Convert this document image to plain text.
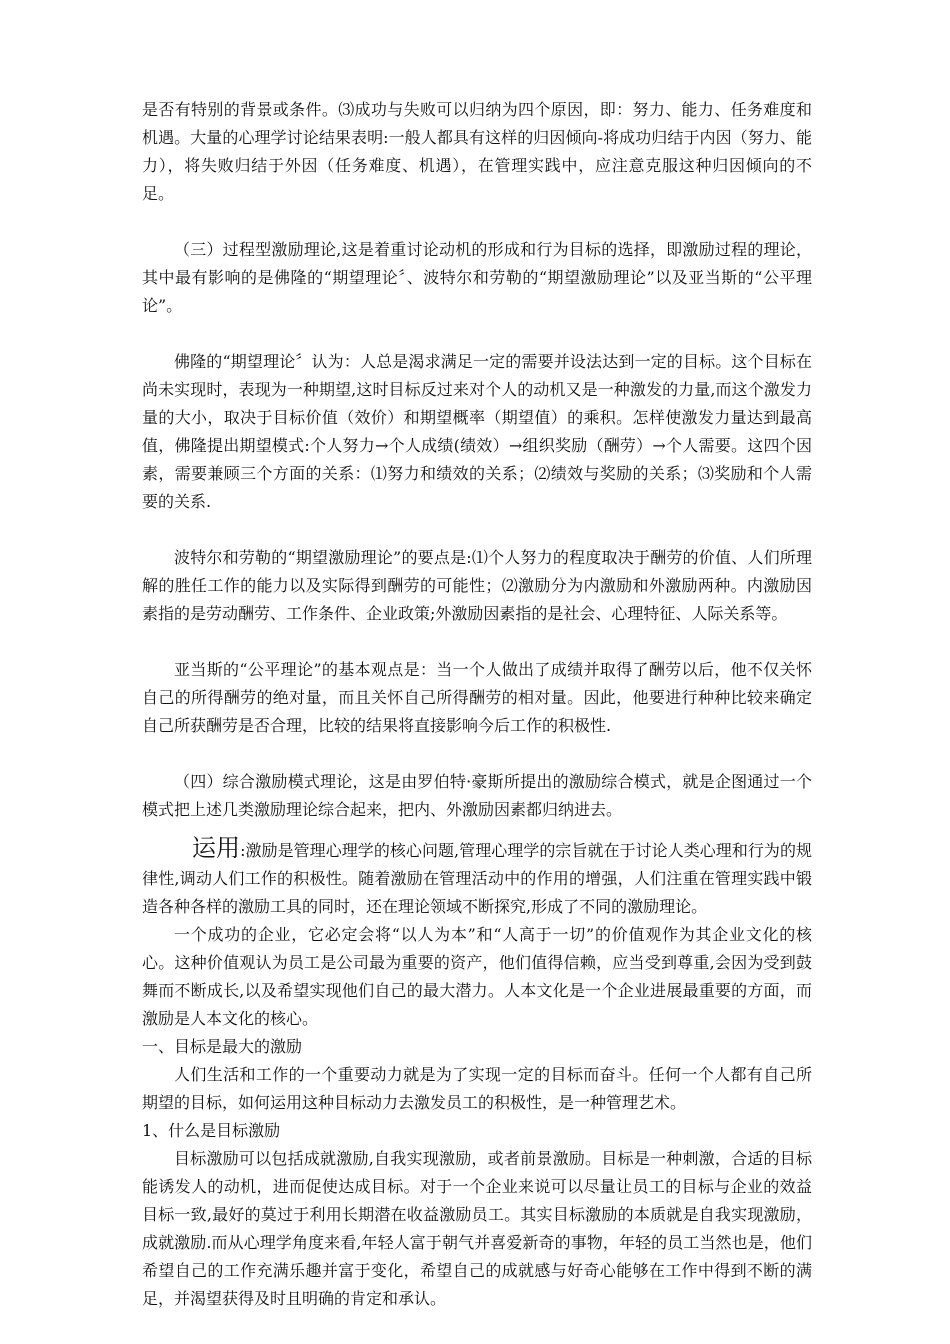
是否有特别的背景或条件。⑶成功与失败可以归纳为四个原因，即：努力、能力、任务难度和机遇。大量的心理学讨论结果表明:一般人都具有这样的归因倾向-将成功归结于内因（努力、能力），将失败归结于外因（任务难度、机遇），在管理实践中，应注意克服这种归因倾向的不足。

（三）过程型激励理论,这是着重讨论动机的形成和行为目标的选择，即激励过程的理论，其中最有影响的是佛隆的“期望理论〞、波特尔和劳勒的“期望激励理论”以及亚当斯的“公平理论”。

佛隆的“期望理论〞认为：人总是渴求满足一定的需要并设法达到一定的目标。这个目标在尚未实现时，表现为一种期望,这时目标反过来对个人的动机又是一种激发的力量,而这个激发力量的大小，取决于目标价值（效价）和期望概率（期望值）的乘积。怎样使激发力量达到最高值，佛隆提出期望模式:个人努力→个人成绩(绩效）→组织奖励（酬劳）→个人需要。这四个因素，需要兼顾三个方面的关系：⑴努力和绩效的关系；⑵绩效与奖励的关系；⑶奖励和个人需要的关系.

波特尔和劳勒的“期望激励理论”的要点是:⑴个人努力的程度取决于酬劳的价值、人们所理解的胜任工作的能力以及实际得到酬劳的可能性；⑵激励分为内激励和外激励两种。内激励因素指的是劳动酬劳、工作条件、企业政策;外激励因素指的是社会、心理特征、人际关系等。

亚当斯的“公平理论”的基本观点是：当一个人做出了成绩并取得了酬劳以后，他不仅关怀自己的所得酬劳的绝对量，而且关怀自己所得酬劳的相对量。因此，他要进行种种比较来确定自己所获酬劳是否合理，比较的结果将直接影响今后工作的积极性.

（四）综合激励模式理论，这是由罗伯特·豪斯所提出的激励综合模式，就是企图通过一个模式把上述几类激励理论综合起来，把内、外激励因素都归纳进去。

运用:激励是管理心理学的核心问题,管理心理学的宗旨就在于讨论人类心理和行为的规律性,调动人们工作的积极性。随着激励在管理活动中的作用的增强，人们注重在管理实践中锻造各种各样的激励工具的同时，还在理论领域不断探究,形成了不同的激励理论。

一个成功的企业，它必定会将“以人为本”和“人高于一切”的价值观作为其企业文化的核心。这种价值观认为员工是公司最为重要的资产，他们值得信赖，应当受到尊重,会因为受到鼓舞而不断成长,以及希望实现他们自己的最大潜力。人本文化是一个企业进展最重要的方面，而激励是人本文化的核心。

一、目标是最大的激励

人们生活和工作的一个重要动力就是为了实现一定的目标而奋斗。任何一个人都有自己所期望的目标，如何运用这种目标动力去激发员工的积极性，是一种管理艺术。

1、什么是目标激励

目标激励可以包括成就激励,自我实现激励，或者前景激励。目标是一种刺激，合适的目标能诱发人的动机，进而促使达成目标。对于一个企业来说可以尽量让员工的目标与企业的效益目标一致,最好的莫过于利用长期潜在收益激励员工。其实目标激励的本质就是自我实现激励，成就激励.而从心理学角度来看,年轻人富于朝气并喜爱新奇的事物，年轻的员工当然也是，他们希望自己的工作充满乐趣并富于变化，希望自己的成就感与好奇心能够在工作中得到不断的满足，并渴望获得及时且明确的肯定和承认。
